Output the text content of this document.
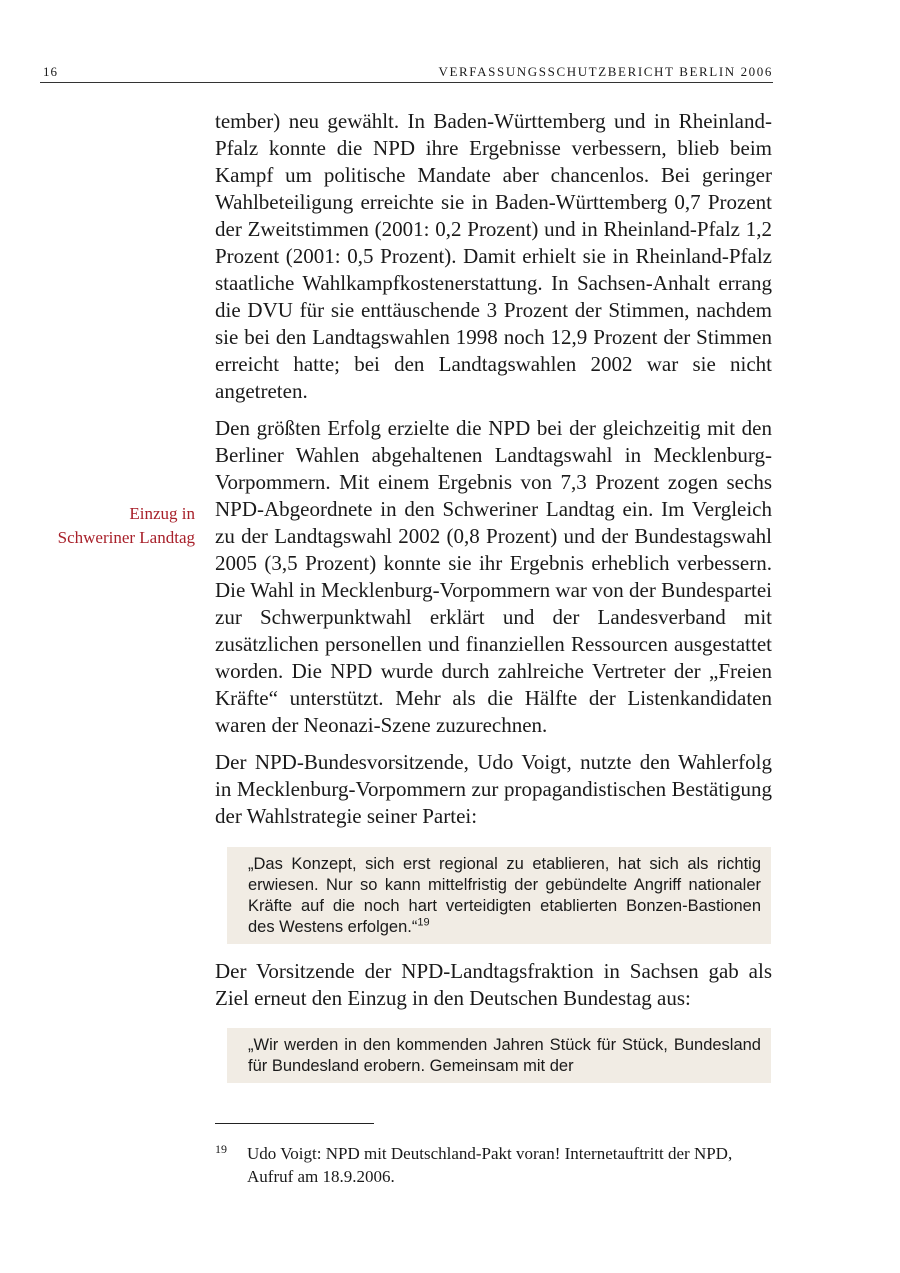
16	VERFASSUNGSSCHUTZBERICHT BERLIN 2006
Einzug in
Schweriner Landtag

tember) neu gewählt. In Baden-Württemberg und in Rheinland-Pfalz konnte die NPD ihre Ergebnisse verbessern, blieb beim Kampf um politische Mandate aber chancenlos. Bei geringer Wahlbeteiligung erreichte sie in Baden-Württemberg 0,7 Prozent der Zweitstimmen (2001: 0,2 Prozent) und in Rheinland-Pfalz 1,2 Prozent (2001: 0,5 Prozent). Damit erhielt sie in Rheinland-Pfalz staatliche Wahlkampfkostenerstattung. In Sachsen-Anhalt errang die DVU für sie enttäuschende 3 Prozent der Stimmen, nachdem sie bei den Landtagswahlen 1998 noch 12,9 Prozent der Stimmen erreicht hatte; bei den Landtagswahlen 2002 war sie nicht angetreten.

Den größten Erfolg erzielte die NPD bei der gleichzeitig mit den Berliner Wahlen abgehaltenen Landtagswahl in Mecklenburg-Vorpommern. Mit einem Ergebnis von 7,3 Prozent zogen sechs NPD-Abgeordnete in den Schweriner Landtag ein. Im Vergleich zu der Landtagswahl 2002 (0,8 Prozent) und der Bundestagswahl 2005 (3,5 Prozent) konnte sie ihr Ergebnis erheblich verbessern. Die Wahl in Mecklenburg-Vorpommern war von der Bundespartei zur Schwerpunktwahl erklärt und der Landesverband mit zusätzlichen personellen und finanziellen Ressourcen ausgestattet worden. Die NPD wurde durch zahlreiche Vertreter der „Freien Kräfte“ unterstützt. Mehr als die Hälfte der Listenkandidaten waren der Neonazi-Szene zuzurechnen.

Der NPD-Bundesvorsitzende, Udo Voigt, nutzte den Wahlerfolg in Mecklenburg-Vorpommern zur propagandistischen Bestätigung der Wahlstrategie seiner Partei:

„Das Konzept, sich erst regional zu etablieren, hat sich als richtig erwiesen. Nur so kann mittelfristig der gebündelte Angriff nationaler Kräfte auf die noch hart verteidigten etablierten Bonzen-Bastionen des Westens erfolgen.“$^{19}$

Der Vorsitzende der NPD-Landtagsfraktion in Sachsen gab als Ziel erneut den Einzug in den Deutschen Bundestag aus:

„Wir werden in den kommenden Jahren Stück für Stück, Bundesland für Bundesland erobern. Gemeinsam mit der
19 Udo Voigt: NPD mit Deutschland-Pakt voran! Internetauftritt der NPD, Aufruf am 18.9.2006.
